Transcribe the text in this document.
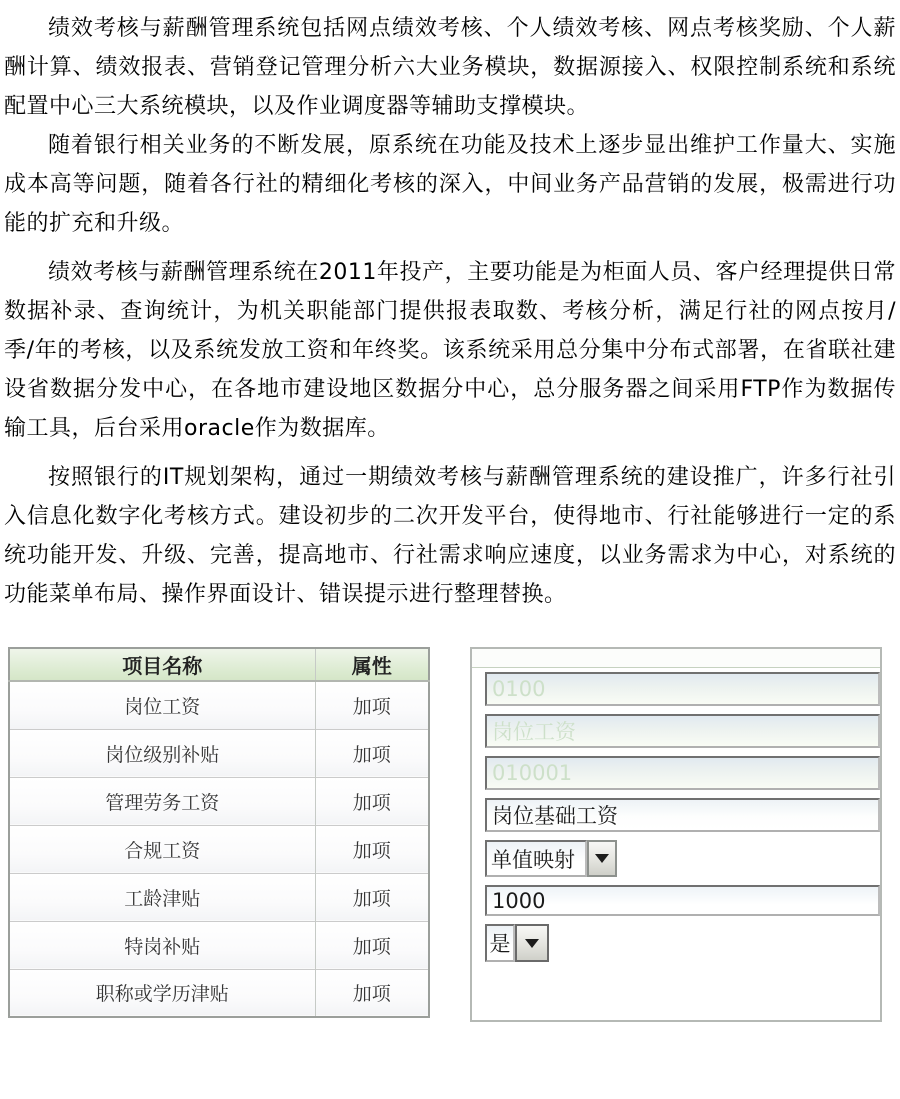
绩效考核与薪酬管理系统包括网点绩效考核、个人绩效考核、网点考核奖励、个人薪酬计算、绩效报表、营销登记管理分析六大业务模块，数据源接入、权限控制系统和系统配置中心三大系统模块，以及作业调度器等辅助支撑模块。

随着银行相关业务的不断发展，原系统在功能及技术上逐步显出维护工作量大、实施成本高等问题，随着各行社的精细化考核的深入，中间业务产品营销的发展，极需进行功能的扩充和升级。

绩效考核与薪酬管理系统在2011年投产，主要功能是为柜面人员、客户经理提供日常数据补录、查询统计，为机关职能部门提供报表取数、考核分析，满足行社的网点按月/季/年的考核，以及系统发放工资和年终奖。该系统采用总分集中分布式部署，在省联社建设省数据分发中心，在各地市建设地区数据分中心，总分服务器之间采用FTP作为数据传输工具，后台采用oracle作为数据库。

按照银行的IT规划架构，通过一期绩效考核与薪酬管理系统的建设推广，许多行社引入信息化数字化考核方式。建设初步的二次开发平台，使得地市、行社能够进行一定的系统功能开发、升级、完善，提高地市、行社需求响应速度，以业务需求为中心，对系统的功能菜单布局、操作界面设计、错误提示进行整理替换。

项目名称	属性
岗位工资	加项
岗位级别补贴	加项
管理劳务工资	加项
合规工资	加项
工龄津贴	加项
特岗补贴	加项
职称或学历津贴	加项
0100
岗位工资
010001
岗位基础工资
单值映射
1000
是
